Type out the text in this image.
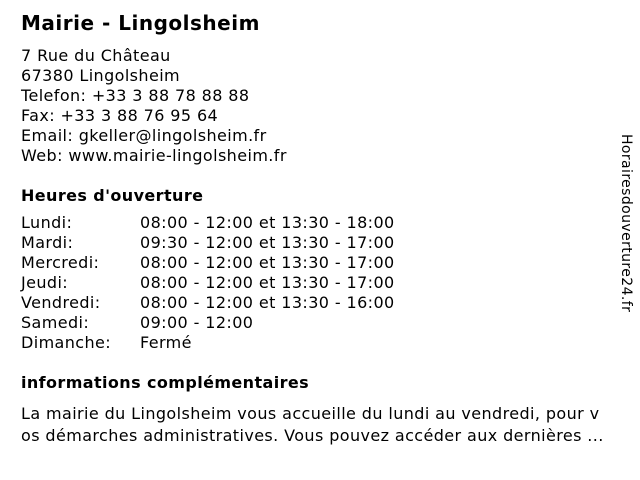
Mairie - Lingolsheim
7 Rue du Château
67380 Lingolsheim
Telefon: +33 3 88 78 88 88
Fax: +33 3 88 76 95 64
Email: gkeller@lingolsheim.fr
Web: www.mairie-lingolsheim.fr
Heures d'ouverture
Lundi:	08:00 - 12:00 et 13:30 - 18:00
Mardi:	09:30 - 12:00 et 13:30 - 17:00
Mercredi:	08:00 - 12:00 et 13:30 - 17:00
Jeudi:	08:00 - 12:00 et 13:30 - 17:00
Vendredi: 08:00 - 12:00 et 13:30 - 16:00
Samedi:	09:00 - 12:00
Dimanche: Fermé
informations complémentaires
La mairie du Lingolsheim vous accueille du lundi au vendredi, pour v
os démarches administratives. Vous pouvez accéder aux dernières ...
Horairesdouverture24.fr
